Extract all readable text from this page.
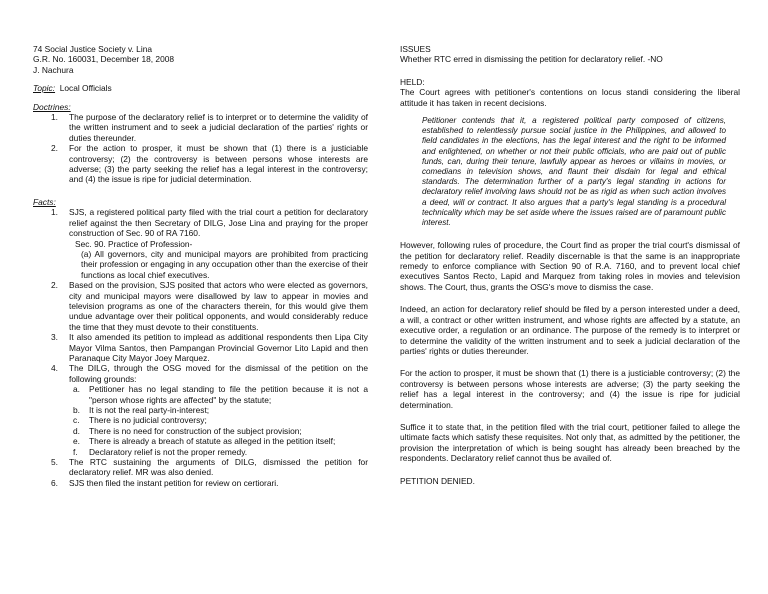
74 Social Justice Society v. Lina

G.R. No. 160031, December 18, 2008

J. Nachura

Topic: Local Officials

Doctrines:

1. The purpose of the declaratory relief is to interpret or to determine the validity of the written instrument and to seek a judicial declaration of the parties' rights or duties thereunder.
2. For the action to prosper, it must be shown that (1) there is a justiciable controversy; (2) the controversy is between persons whose interests are adverse; (3) the party seeking the relief has a legal interest in the controversy; and (4) the issue is ripe for judicial determination.

Facts:

1. SJS, a registered political party filed with the trial court a petition for declaratory relief against the then Secretary of DILG, Jose Lina and praying for the proper construction of Sec. 90 of RA 7160.
Sec. 90. Practice of Profession-
(a) All governors, city and municipal mayors are prohibited from practicing their profession or engaging in any occupation other than the exercise of their functions as local chief executives.
2. Based on the provision, SJS posited that actors who were elected as governors, city and municipal mayors were disallowed by law to appear in movies and television programs as one of the characters therein, for this would give them undue advantage over their political opponents, and would considerably reduce the time that they must devote to their constituents.
3. It also amended its petition to implead as additional respondents then Lipa City Mayor Vilma Santos, then Pampangan Provincial Governor Lito Lapid and then Paranaque City Mayor Joey Marquez.
4. The DILG, through the OSG moved for the dismissal of the petition on the following grounds:
a. Petitioner has no legal standing to file the petition because it is not a "person whose rights are affected" by the statute;
b. It is not the real party-in-interest;
c. There is no judicial controversy;
d. There is no need for construction of the subject provision;
e. There is already a breach of statute as alleged in the petition itself;
f. Declaratory relief is not the proper remedy.
5. The RTC sustaining the arguments of DILG, dismissed the petition for declaratory relief. MR was also denied.
6. SJS then filed the instant petition for review on certiorari.

ISSUES

Whether RTC erred in dismissing the petition for declaratory relief. -NO

HELD:

The Court agrees with petitioner's contentions on locus standi considering the liberal attitude it has taken in recent decisions.

Petitioner contends that it, a registered political party composed of citizens, established to relentlessly pursue social justice in the Philippines, and allowed to field candidates in the elections, has the legal interest and the right to be informed and enlightened, on whether or not their public officials, who are paid out of public funds, can, during their tenure, lawfully appear as heroes or villains in movies, or comedians in television shows, and flaunt their disdain for legal and ethical standards. The determination further of a party's legal standing in actions for declaratory relief involving laws should not be as rigid as when such action involves a deed, will or contract. It also argues that a party's legal standing is a procedural technicality which may be set aside where the issues raised are of paramount public interest.

However, following rules of procedure, the Court find as proper the trial court's dismissal of the petition for declaratory relief. Readily discernable is that the same is an inappropriate remedy to enforce compliance with Section 90 of R.A. 7160, and to prevent local chief executives Santos Recto, Lapid and Marquez from taking roles in movies and television shows. The Court, thus, grants the OSG's move to dismiss the case.

Indeed, an action for declaratory relief should be filed by a person interested under a deed, a will, a contract or other written instrument, and whose rights are affected by a statute, an executive order, a regulation or an ordinance. The purpose of the remedy is to interpret or to determine the validity of the written instrument and to seek a judicial declaration of the parties' rights or duties thereunder.

For the action to prosper, it must be shown that (1) there is a justiciable controversy; (2) the controversy is between persons whose interests are adverse; (3) the party seeking the relief has a legal interest in the controversy; and (4) the issue is ripe for judicial determination.

Suffice it to state that, in the petition filed with the trial court, petitioner failed to allege the ultimate facts which satisfy these requisites. Not only that, as admitted by the petitioner, the provision the interpretation of which is being sought has already been breached by the respondents. Declaratory relief cannot thus be availed of.

PETITION DENIED.
